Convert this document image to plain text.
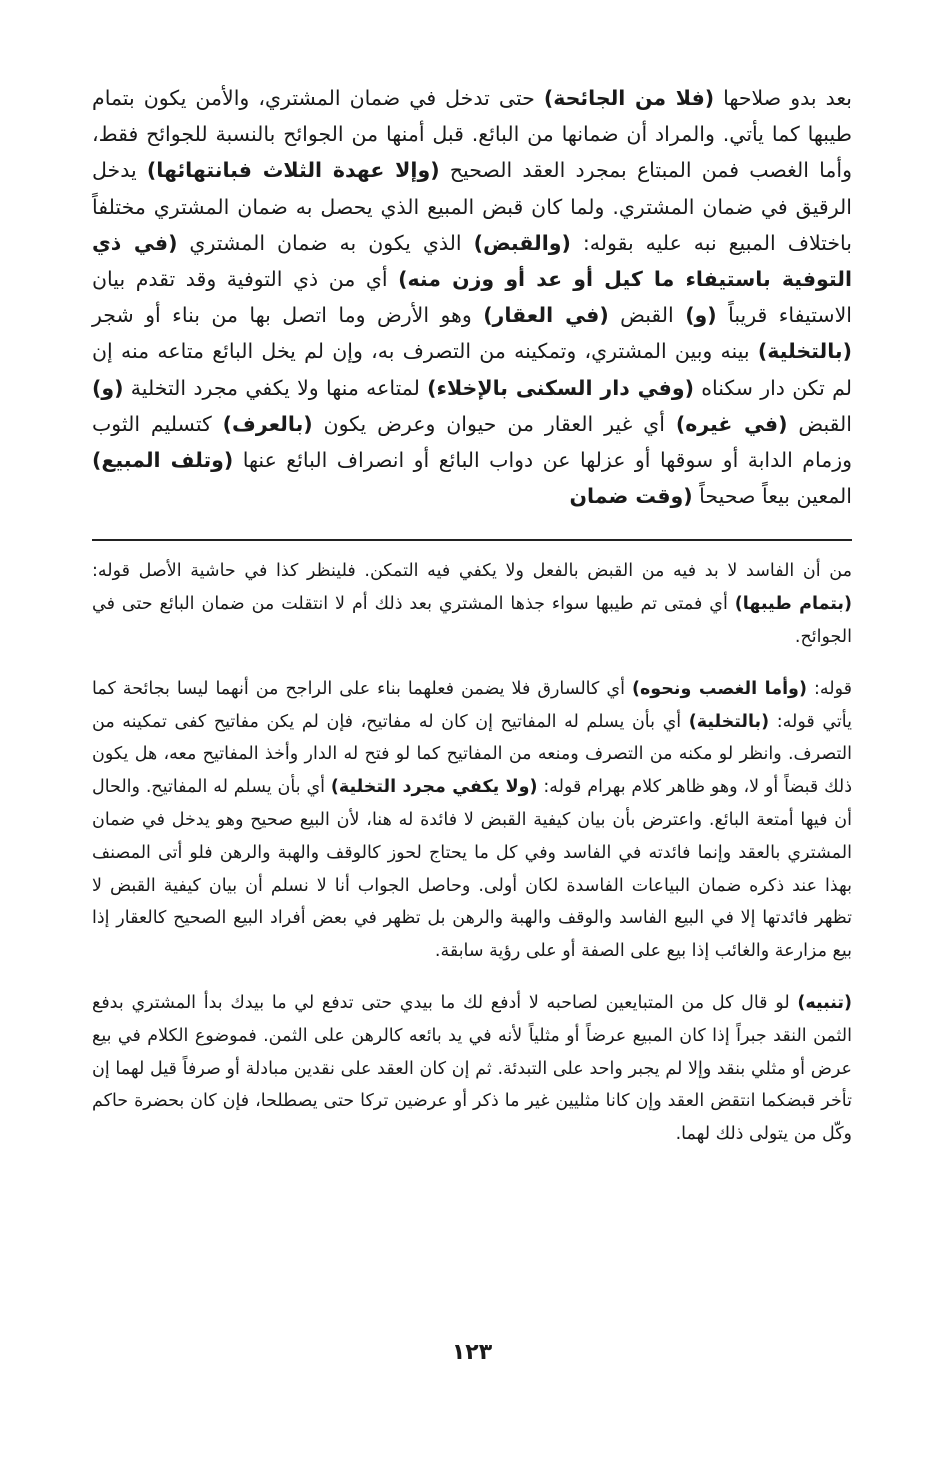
بعد بدو صلاحها (فلا من الجائحة) حتى تدخل في ضمان المشتري، والأمن يكون بتمام طيبها كما يأتي. والمراد أن ضمانها من البائع. قبل أمنها من الجوائح بالنسبة للجوائح فقط، وأما الغصب فمن المبتاع بمجرد العقد الصحيح (وإلا عهدة الثلاث فبانتهائها) يدخل الرقيق في ضمان المشتري. ولما كان قبض المبيع الذي يحصل به ضمان المشتري مختلفاً باختلاف المبيع نبه عليه بقوله: (والقبض) الذي يكون به ضمان المشتري (في ذي التوفية باستيفاء ما كيل أو عد أو وزن منه) أي من ذي التوفية وقد تقدم بيان الاستيفاء قريباً (و) القبض (في العقار) وهو الأرض وما اتصل بها من بناء أو شجر (بالتخلية) بينه وبين المشتري، وتمكينه من التصرف به، وإن لم يخل البائع متاعه منه إن لم تكن دار سكناه (وفي دار السكنى بالإخلاء) لمتاعه منها ولا يكفي مجرد التخلية (و) القبض (في غيره) أي غير العقار من حيوان وعرض يكون (بالعرف) كتسليم الثوب وزمام الدابة أو سوقها أو عزلها عن دواب البائع أو انصراف البائع عنها (وتلف المبيع) المعين بيعاً صحيحاً (وقت ضمان

من أن الفاسد لا بد فيه من القبض بالفعل ولا يكفي فيه التمكن. فلينظر كذا في حاشية الأصل قوله: (بتمام طيبها) أي فمتى تم طيبها سواء جذها المشتري بعد ذلك أم لا انتقلت من ضمان البائع حتى في الجوائح.

قوله: (وأما الغصب ونحوه) أي كالسارق فلا يضمن فعلهما بناء على الراجح من أنهما ليسا بجائحة كما يأتي قوله: (بالتخلية) أي بأن يسلم له المفاتيح إن كان له مفاتيح، فإن لم يكن مفاتيح كفى تمكينه من التصرف. وانظر لو مكنه من التصرف ومنعه من المفاتيح كما لو فتح له الدار وأخذ المفاتيح معه، هل يكون ذلك قبضاً أو لا، وهو ظاهر كلام بهرام قوله: (ولا يكفي مجرد التخلية) أي بأن يسلم له المفاتيح. والحال أن فيها أمتعة البائع. واعترض بأن بيان كيفية القبض لا فائدة له هنا، لأن البيع صحيح وهو يدخل في ضمان المشتري بالعقد وإنما فائدته في الفاسد وفي كل ما يحتاج لحوز كالوقف والهبة والرهن فلو أتى المصنف بهذا عند ذكره ضمان البياعات الفاسدة لكان أولى. وحاصل الجواب أنا لا نسلم أن بيان كيفية القبض لا تظهر فائدتها إلا في البيع الفاسد والوقف والهبة والرهن بل تظهر في بعض أفراد البيع الصحيح كالعقار إذا بيع مزارعة والغائب إذا بيع على الصفة أو على رؤية سابقة.

(تنبيه) لو قال كل من المتبايعين لصاحبه لا أدفع لك ما بيدي حتى تدفع لي ما بيدك بدأ المشتري بدفع الثمن النقد جبراً إذا كان المبيع عرضاً أو مثلياً لأنه في يد بائعه كالرهن على الثمن. فموضوع الكلام في بيع عرض أو مثلي بنقد وإلا لم يجبر واحد على التبدئة. ثم إن كان العقد على نقدين مبادلة أو صرفاً قيل لهما إن تأخر قبضكما انتقض العقد وإن كانا مثليين غير ما ذكر أو عرضين تركا حتى يصطلحا، فإن كان بحضرة حاكم وكّل من يتولى ذلك لهما.

١٢٣
